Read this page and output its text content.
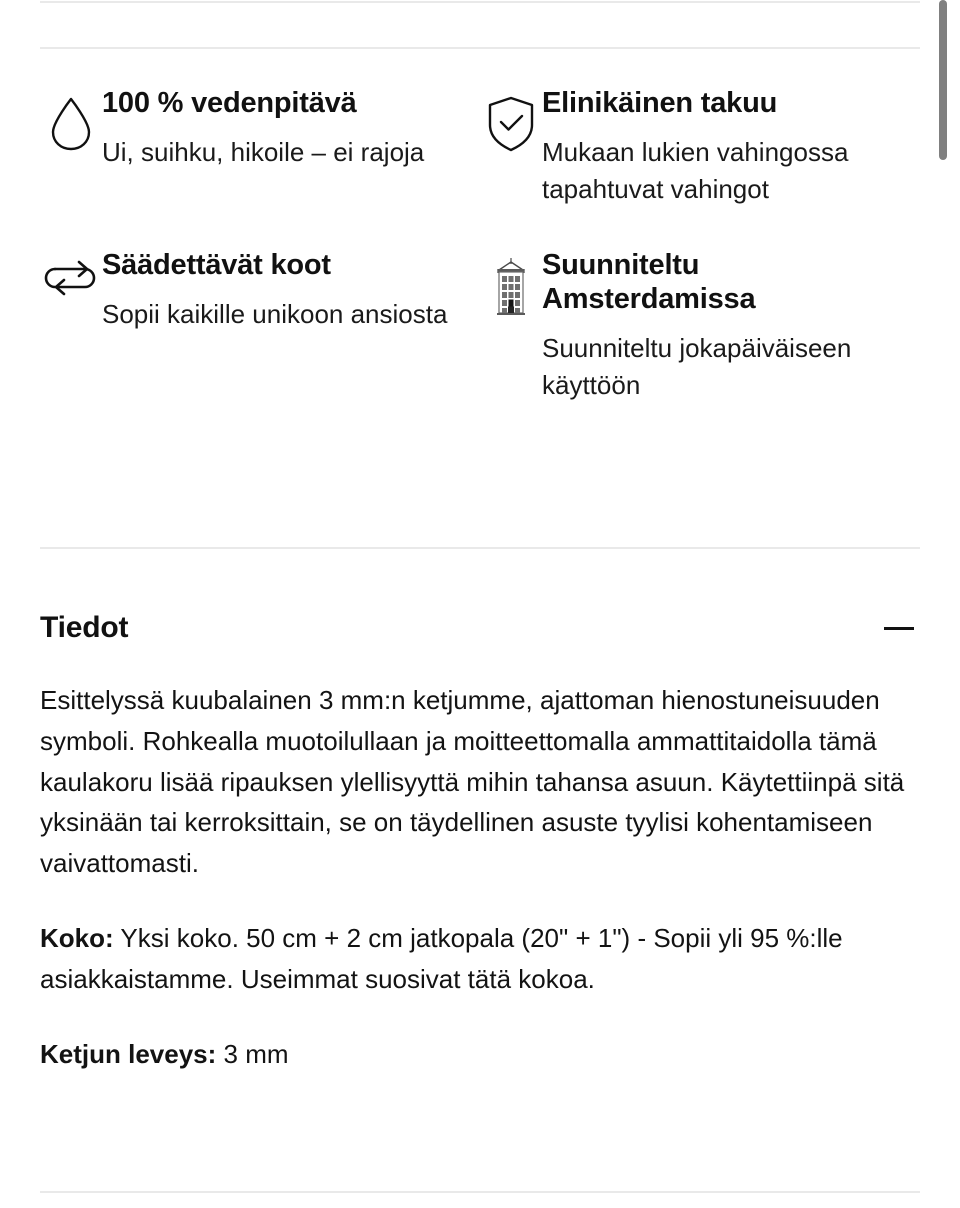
100 % vedenpitävä
Ui, suihku, hikoile – ei rajoja
Elinikäinen takuu
Mukaan lukien vahingossa tapahtuvat vahingot
Säädettävät koot
Sopii kaikille unikoon ansiosta
Suunniteltu Amsterdamissa
Suunniteltu jokapäiväiseen käyttöön
Tiedot

Esittelyssä kuubalainen 3 mm:n ketjumme, ajattoman hienostuneisuuden symboli. Rohkealla muotoilullaan ja moitteettomalla ammattitaidolla tämä kaulakoru lisää ripauksen ylellisyyttä mihin tahansa asuun. Käytettiinpä sitä yksinään tai kerroksittain, se on täydellinen asuste tyylisi kohentamiseen vaivattomasti.

Koko: Yksi koko. 50 cm + 2 cm jatkopala (20" + 1") - Sopii yli 95 %:lle asiakkaistamme. Useimmat suosivat tätä kokoa.

Ketjun leveys: 3 mm
